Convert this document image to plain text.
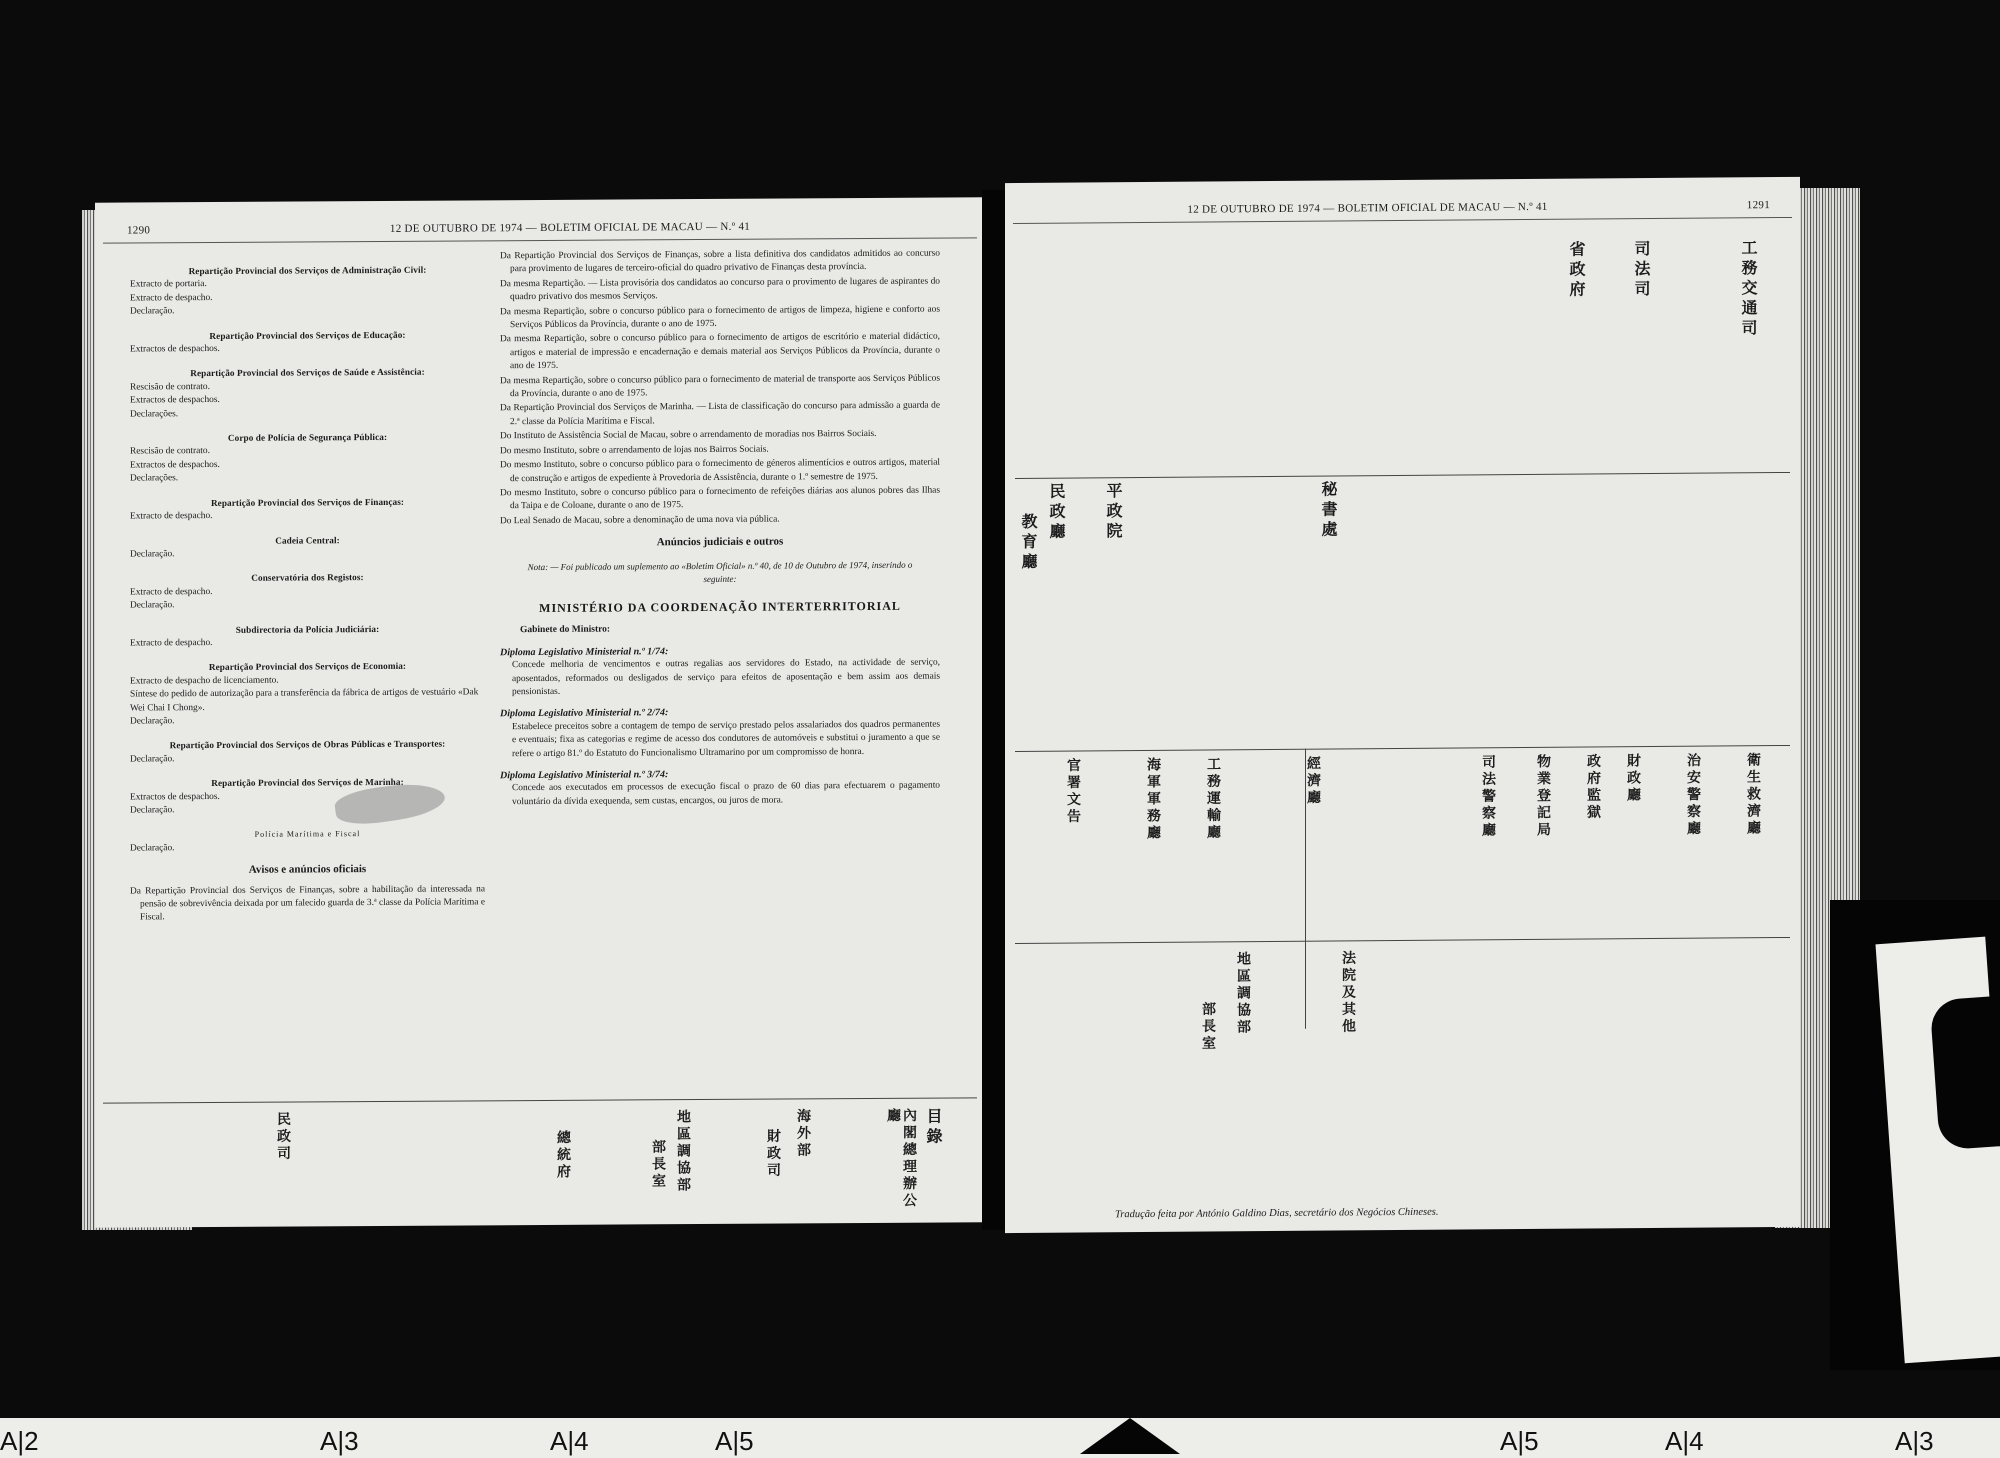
1290	12 DE OUTUBRO DE 1974 — BOLETIM OFICIAL DE MACAU — N.º 41
Repartição Provincial dos Serviços de Administração Civil:
Extracto de portaria.
Extracto de despacho.
Declaração.
Repartição Provincial dos Serviços de Educação:
Extractos de despachos.
Repartição Provincial dos Serviços de Saúde e Assistência:
Rescisão de contrato.
Extractos de despachos.
Declarações.
Corpo de Polícia de Segurança Pública:
Rescisão de contrato.
Extractos de despachos.
Declarações.
Repartição Provincial dos Serviços de Finanças:
Extracto de despacho.
Cadeia Central:
Declaração.
Conservatória dos Registos:
Extracto de despacho.
Declaração.
Subdirectoria da Polícia Judiciária:
Extracto de despacho.
Repartição Provincial dos Serviços de Economia:
Extracto de despacho de licenciamento.
Síntese do pedido de autorização para a transferência da fábrica de artigos de vestuário «Dak Wei Chai I Chong».
Declaração.
Repartição Provincial dos Serviços de Obras Públicas e Transportes:
Declaração.
Repartição Provincial dos Serviços de Marinha:
Extractos de despachos.
Declaração.
Polícia Marítima e Fiscal
Declaração.
Avisos e anúncios oficiais
Da Repartição Provincial dos Serviços de Finanças, sobre a habilitação da interessada na pensão de sobrevivência deixada por um falecido guarda de 3.ª classe da Polícia Marítima e Fiscal.
Da Repartição Provincial dos Serviços de Finanças, sobre a lista definitiva dos candidatos admitidos ao concurso para provimento de lugares de terceiro-oficial do quadro privativo de Finanças desta província.
Da mesma Repartição. — Lista provisória dos candidatos ao concurso para o provimento de lugares de aspirantes do quadro privativo dos mesmos Serviços.
Da mesma Repartição, sobre o concurso público para o fornecimento de artigos de limpeza, higiene e conforto aos Serviços Públicos da Província, durante o ano de 1975.
Da mesma Repartição, sobre o concurso público para o fornecimento de artigos de escritório e material didáctico, artigos e material de impressão e encadernação e demais material aos Serviços Públicos da Província, durante o ano de 1975.
Da mesma Repartição, sobre o concurso público para o fornecimento de material de transporte aos Serviços Públicos da Província, durante o ano de 1975.
Da Repartição Provincial dos Serviços de Marinha. — Lista de classificação do concurso para admissão a guarda de 2.ª classe da Polícia Marítima e Fiscal.
Do Instituto de Assistência Social de Macau, sobre o arrendamento de moradias nos Bairros Sociais.
Do mesmo Instituto, sobre o arrendamento de lojas nos Bairros Sociais.
Do mesmo Instituto, sobre o concurso público para o fornecimento de géneros alimentícios e outros artigos, material de construção e artigos de expediente à Provedoria de Assistência, durante o 1.º semestre de 1975.
Do mesmo Instituto, sobre o concurso público para o fornecimento de refeições diárias aos alunos pobres das Ilhas da Taipa e de Coloane, durante o ano de 1975.
Do Leal Senado de Macau, sobre a denominação de uma nova via pública.
Anúncios judiciais e outros
Nota: — Foi publicado um suplemento ao «Boletim Oficial» n.º 40, de 10 de Outubro de 1974, inserindo o seguinte:
MINISTÉRIO DA COORDENAÇÃO INTERTERRITORIAL
Gabinete do Ministro:
Diploma Legislativo Ministerial n.º 1/74:
Concede melhoria de vencimentos e outras regalias aos servidores do Estado, na actividade de serviço, aposentados, reformados ou desligados de serviço para efeitos de aposentação e bem assim aos demais pensionistas.
Diploma Legislativo Ministerial n.º 2/74:
Estabelece preceitos sobre a contagem de tempo de serviço prestado pelos assalariados dos quadros permanentes e eventuais; fixa as categorias e regime de acesso dos condutores de automóveis e substitui o juramento a que se refere o artigo 81.º do Estatuto do Funcionalismo Ultramarino por um compromisso de honra.
Diploma Legislativo Ministerial n.º 3/74:
Concede aos executados em processos de execução fiscal o prazo de 60 dias para efectuarem o pagamento voluntário da dívida exequenda, sem custas, encargos, ou juros de mora.
目錄
內閣總理辦公廳
海外部
財政司
地區調協部
部長室
總統府
民政司
12 DE OUTUBRO DE 1974 — BOLETIM OFICIAL DE MACAU — N.º 41	1291
工務交通司
司法司
省政府
秘書處
平政院
民政廳
教育廳
衛生救濟廳
治安警察廳
財政廳
政府監獄
物業登記局
司法警察廳
經濟廳
工務運輸廳
海軍軍務廳
官署文告
法院及其他
地區調協部
部長室
Tradução feita por António Galdino Dias, secretário dos Negócios Chineses.
A|2	A|3	A|4	A|5	A|5	A|4	A|3
